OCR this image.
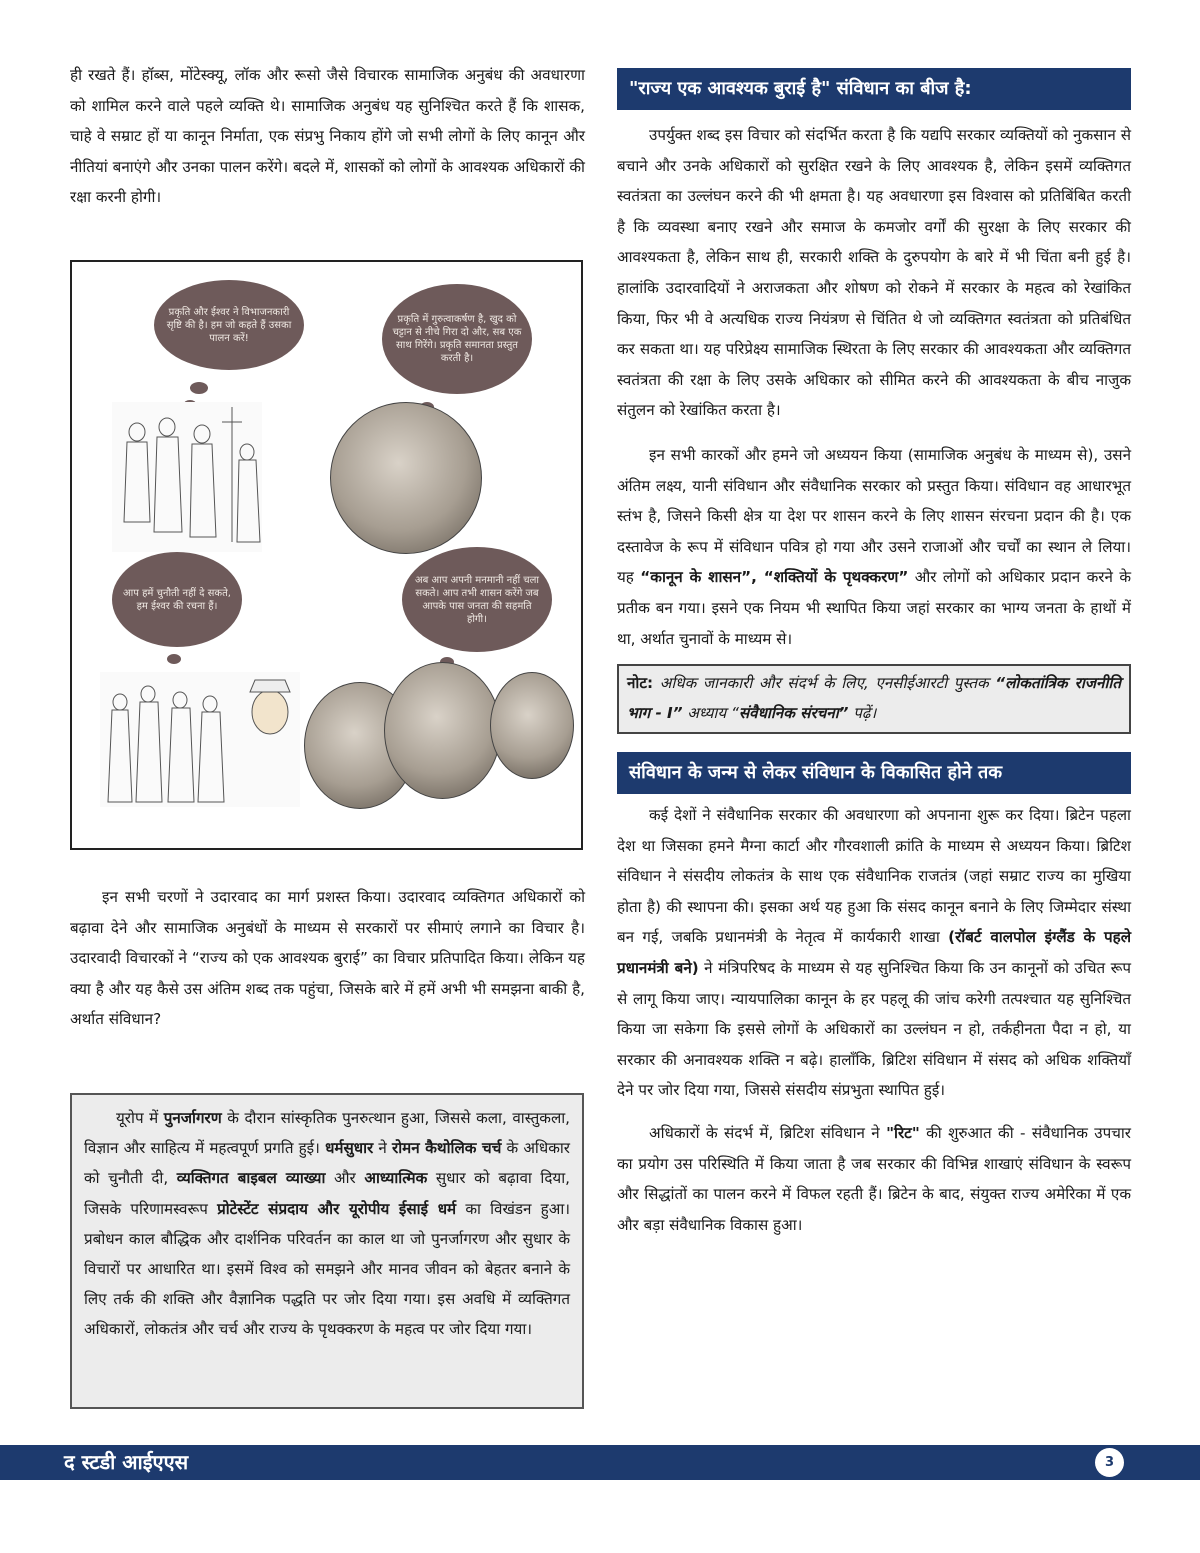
ही रखते हैं। हॉब्स, मोंटेस्क्यू, लॉक और रूसो जैसे विचारक सामाजिक अनुबंध की अवधारणा को शामिल करने वाले पहले व्यक्ति थे। सामाजिक अनुबंध यह सुनिश्चित करते हैं कि शासक, चाहे वे सम्राट हों या कानून निर्माता, एक संप्रभु निकाय होंगे जो सभी लोगों के लिए कानून और नीतियां बनाएंगे और उनका पालन करेंगे। बदले में, शासकों को लोगों के आवश्यक अधिकारों की रक्षा करनी होगी।

प्रकृति और ईश्वर ने विभाजनकारी सृष्टि की है। हम जो कहते हैं उसका पालन करें!
प्रकृति में गुरुत्वाकर्षण है, खुद को चट्टान से नीचे गिरा दो और, सब एक साथ गिरेंगे। प्रकृति समानता प्रस्तुत करती है।
आप हमें चुनौती नहीं दे सकते, हम ईश्वर की रचना हैं।
अब आप अपनी मनमानी नहीं चला सकते। आप तभी शासन करेंगे जब आपके पास जनता की सहमति होगी।

इन सभी चरणों ने उदारवाद का मार्ग प्रशस्त किया। उदारवाद व्यक्तिगत अधिकारों को बढ़ावा देने और सामाजिक अनुबंधों के माध्यम से सरकारों पर सीमाएं लगाने का विचार है। उदारवादी विचारकों ने “राज्य को एक आवश्यक बुराई” का विचार प्रतिपादित किया। लेकिन यह क्या है और यह कैसे उस अंतिम शब्द तक पहुंचा, जिसके बारे में हमें अभी भी समझना बाकी है, अर्थात संविधान?

यूरोप में पुनर्जागरण के दौरान सांस्कृतिक पुनरुत्थान हुआ, जिससे कला, वास्तुकला, विज्ञान और साहित्य में महत्वपूर्ण प्रगति हुई। धर्मसुधार ने रोमन कैथोलिक चर्च के अधिकार को चुनौती दी, व्यक्तिगत बाइबल व्याख्या और आध्यात्मिक सुधार को बढ़ावा दिया, जिसके परिणामस्वरूप प्रोटेस्टेंट संप्रदाय और यूरोपीय ईसाई धर्म का विखंडन हुआ। प्रबोधन काल बौद्धिक और दार्शनिक परिवर्तन का काल था जो पुनर्जागरण और सुधार के विचारों पर आधारित था। इसमें विश्व को समझने और मानव जीवन को बेहतर बनाने के लिए तर्क की शक्ति और वैज्ञानिक पद्धति पर जोर दिया गया। इस अवधि में व्यक्तिगत अधिकारों, लोकतंत्र और चर्च और राज्य के पृथक्करण के महत्व पर जोर दिया गया।

"राज्य एक आवश्यक बुराई है" संविधान का बीज है:

उपर्युक्त शब्द इस विचार को संदर्भित करता है कि यद्यपि सरकार व्यक्तियों को नुकसान से बचाने और उनके अधिकारों को सुरक्षित रखने के लिए आवश्यक है, लेकिन इसमें व्यक्तिगत स्वतंत्रता का उल्लंघन करने की भी क्षमता है। यह अवधारणा इस विश्वास को प्रतिबिंबित करती है कि व्यवस्था बनाए रखने और समाज के कमजोर वर्गों की सुरक्षा के लिए सरकार की आवश्यकता है, लेकिन साथ ही, सरकारी शक्ति के दुरुपयोग के बारे में भी चिंता बनी हुई है। हालांकि उदारवादियों ने अराजकता और शोषण को रोकने में सरकार के महत्व को रेखांकित किया, फिर भी वे अत्यधिक राज्य नियंत्रण से चिंतित थे जो व्यक्तिगत स्वतंत्रता को प्रतिबंधित कर सकता था। यह परिप्रेक्ष्य सामाजिक स्थिरता के लिए सरकार की आवश्यकता और व्यक्तिगत स्वतंत्रता की रक्षा के लिए उसके अधिकार को सीमित करने की आवश्यकता के बीच नाजुक संतुलन को रेखांकित करता है।

इन सभी कारकों और हमने जो अध्ययन किया (सामाजिक अनुबंध के माध्यम से), उसने अंतिम लक्ष्य, यानी संविधान और संवैधानिक सरकार को प्रस्तुत किया। संविधान वह आधारभूत स्तंभ है, जिसने किसी क्षेत्र या देश पर शासन करने के लिए शासन संरचना प्रदान की है। एक दस्तावेज के रूप में संविधान पवित्र हो गया और उसने राजाओं और चर्चों का स्थान ले लिया। यह “कानून के शासन”, “शक्तियों के पृथक्करण” और लोगों को अधिकार प्रदान करने के प्रतीक बन गया। इसने एक नियम भी स्थापित किया जहां सरकार का भाग्य जनता के हाथों में था, अर्थात चुनावों के माध्यम से।

नोट: अधिक जानकारी और संदर्भ के लिए, एनसीईआरटी पुस्तक “लोकतांत्रिक राजनीति भाग - I” अध्याय “संवैधानिक संरचना” पढ़ें।

संविधान के जन्म से लेकर संविधान के विकासित होने तक

कई देशों ने संवैधानिक सरकार की अवधारणा को अपनाना शुरू कर दिया। ब्रिटेन पहला देश था जिसका हमने मैग्ना कार्टा और गौरवशाली क्रांति के माध्यम से अध्ययन किया। ब्रिटिश संविधान ने संसदीय लोकतंत्र के साथ एक संवैधानिक राजतंत्र (जहां सम्राट राज्य का मुखिया होता है) की स्थापना की। इसका अर्थ यह हुआ कि संसद कानून बनाने के लिए जिम्मेदार संस्था बन गई, जबकि प्रधानमंत्री के नेतृत्व में कार्यकारी शाखा (रॉबर्ट वालपोल इंग्लैंड के पहले प्रधानमंत्री बने) ने मंत्रिपरिषद के माध्यम से यह सुनिश्चित किया कि उन कानूनों को उचित रूप से लागू किया जाए। न्यायपालिका कानून के हर पहलू की जांच करेगी तत्पश्चात यह सुनिश्चित किया जा सकेगा कि इससे लोगों के अधिकारों का उल्लंघन न हो, तर्कहीनता पैदा न हो, या सरकार की अनावश्यक शक्ति न बढ़े। हालाँकि, ब्रिटिश संविधान में संसद को अधिक शक्तियाँ देने पर जोर दिया गया, जिससे संसदीय संप्रभुता स्थापित हुई।

अधिकारों के संदर्भ में, ब्रिटिश संविधान ने "रिट" की शुरुआत की - संवैधानिक उपचार का प्रयोग उस परिस्थिति में किया जाता है जब सरकार की विभिन्न शाखाएं संविधान के स्वरूप और सिद्धांतों का पालन करने में विफल रहती हैं। ब्रिटेन के बाद, संयुक्त राज्य अमेरिका में एक और बड़ा संवैधानिक विकास हुआ।

द स्टडी आईएएस	3
